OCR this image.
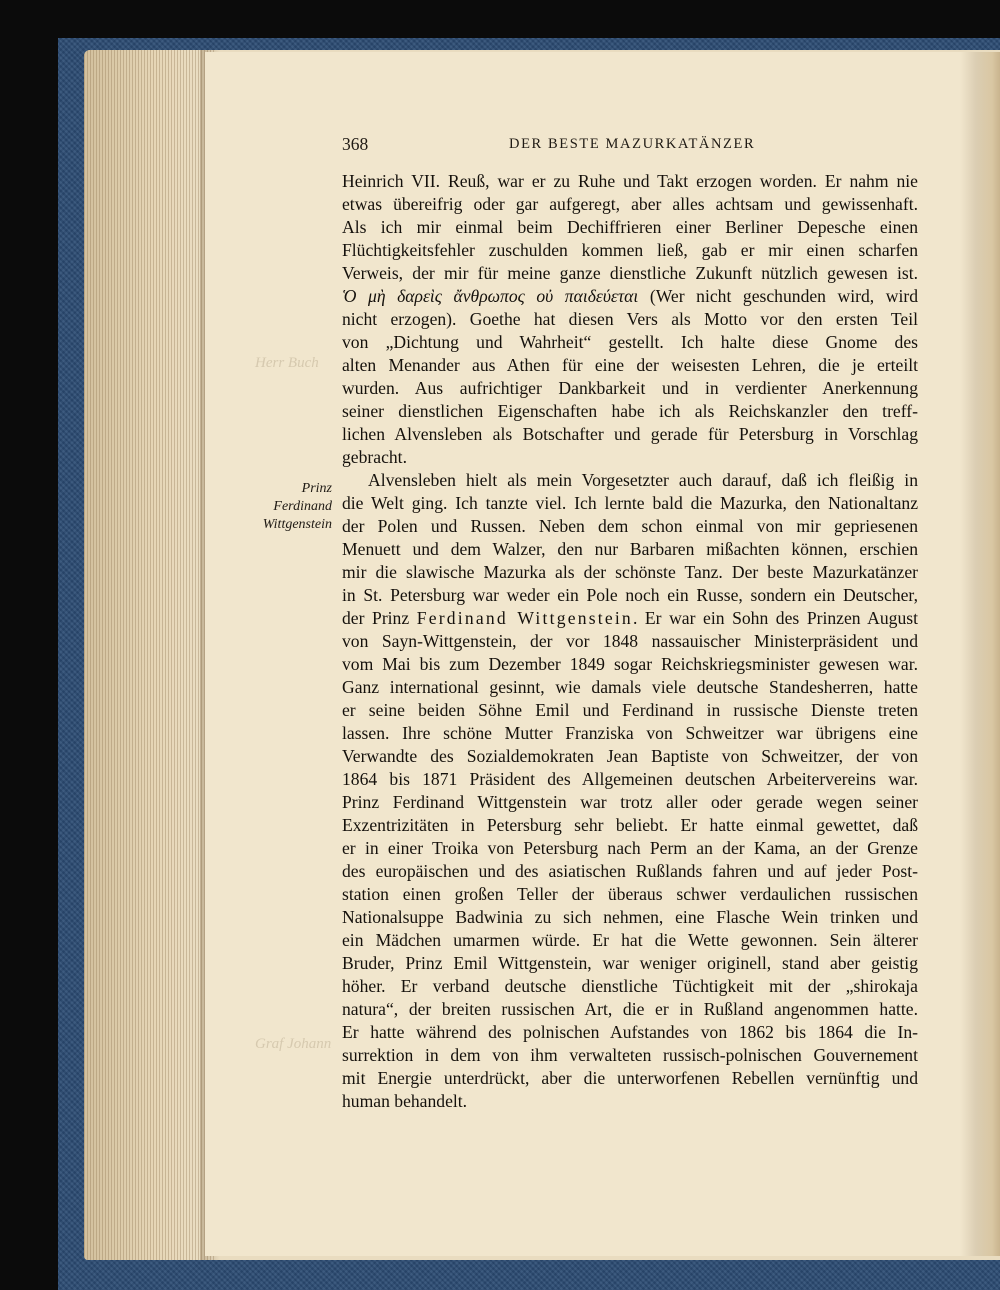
Herr Buch
Graf Johann
368	DER BESTE MAZURKATÄNZER
Prinz
Ferdinand
Wittgenstein
Heinrich VII. Reuß, war er zu Ruhe und Takt erzogen worden. Er nahm nie
etwas übereifrig oder gar aufgeregt, aber alles achtsam und gewissenhaft.
Als ich mir einmal beim Dechiffrieren einer Berliner Depesche einen
Flüchtigkeitsfehler zuschulden kommen ließ, gab er mir einen scharfen
Verweis, der mir für meine ganze dienstliche Zukunft nützlich gewesen ist.
Ὁ μὴ δαρεὶς ἄνθρωπος οὐ παιδεύεται (Wer nicht geschunden wird, wird
nicht erzogen). Goethe hat diesen Vers als Motto vor den ersten Teil
von „Dichtung und Wahrheit“ gestellt. Ich halte diese Gnome des
alten Menander aus Athen für eine der weisesten Lehren, die je erteilt
wurden. Aus aufrichtiger Dankbarkeit und in verdienter Anerkennung
seiner dienstlichen Eigenschaften habe ich als Reichskanzler den treff-
lichen Alvensleben als Botschafter und gerade für Petersburg in Vorschlag
gebracht.
Alvensleben hielt als mein Vorgesetzter auch darauf, daß ich fleißig in
die Welt ging. Ich tanzte viel. Ich lernte bald die Mazurka, den Nationaltanz
der Polen und Russen. Neben dem schon einmal von mir gepriesenen
Menuett und dem Walzer, den nur Barbaren mißachten können, erschien
mir die slawische Mazurka als der schönste Tanz. Der beste Mazurkatänzer
in St. Petersburg war weder ein Pole noch ein Russe, sondern ein Deutscher,
der Prinz Ferdinand Wittgenstein. Er war ein Sohn des Prinzen August
von Sayn-Wittgenstein, der vor 1848 nassauischer Ministerpräsident und
vom Mai bis zum Dezember 1849 sogar Reichskriegsminister gewesen war.
Ganz international gesinnt, wie damals viele deutsche Standesherren, hatte
er seine beiden Söhne Emil und Ferdinand in russische Dienste treten
lassen. Ihre schöne Mutter Franziska von Schweitzer war übrigens eine
Verwandte des Sozialdemokraten Jean Baptiste von Schweitzer, der von
1864 bis 1871 Präsident des Allgemeinen deutschen Arbeitervereins war.
Prinz Ferdinand Wittgenstein war trotz aller oder gerade wegen seiner
Exzentrizitäten in Petersburg sehr beliebt. Er hatte einmal gewettet, daß
er in einer Troika von Petersburg nach Perm an der Kama, an der Grenze
des europäischen und des asiatischen Rußlands fahren und auf jeder Post-
station einen großen Teller der überaus schwer verdaulichen russischen
Nationalsuppe Badwinia zu sich nehmen, eine Flasche Wein trinken und
ein Mädchen umarmen würde. Er hat die Wette gewonnen. Sein älterer
Bruder, Prinz Emil Wittgenstein, war weniger originell, stand aber geistig
höher. Er verband deutsche dienstliche Tüchtigkeit mit der „shirokaja
natura“, der breiten russischen Art, die er in Rußland angenommen hatte.
Er hatte während des polnischen Aufstandes von 1862 bis 1864 die In-
surrektion in dem von ihm verwalteten russisch-polnischen Gouvernement
mit Energie unterdrückt, aber die unterworfenen Rebellen vernünftig und
human behandelt.
